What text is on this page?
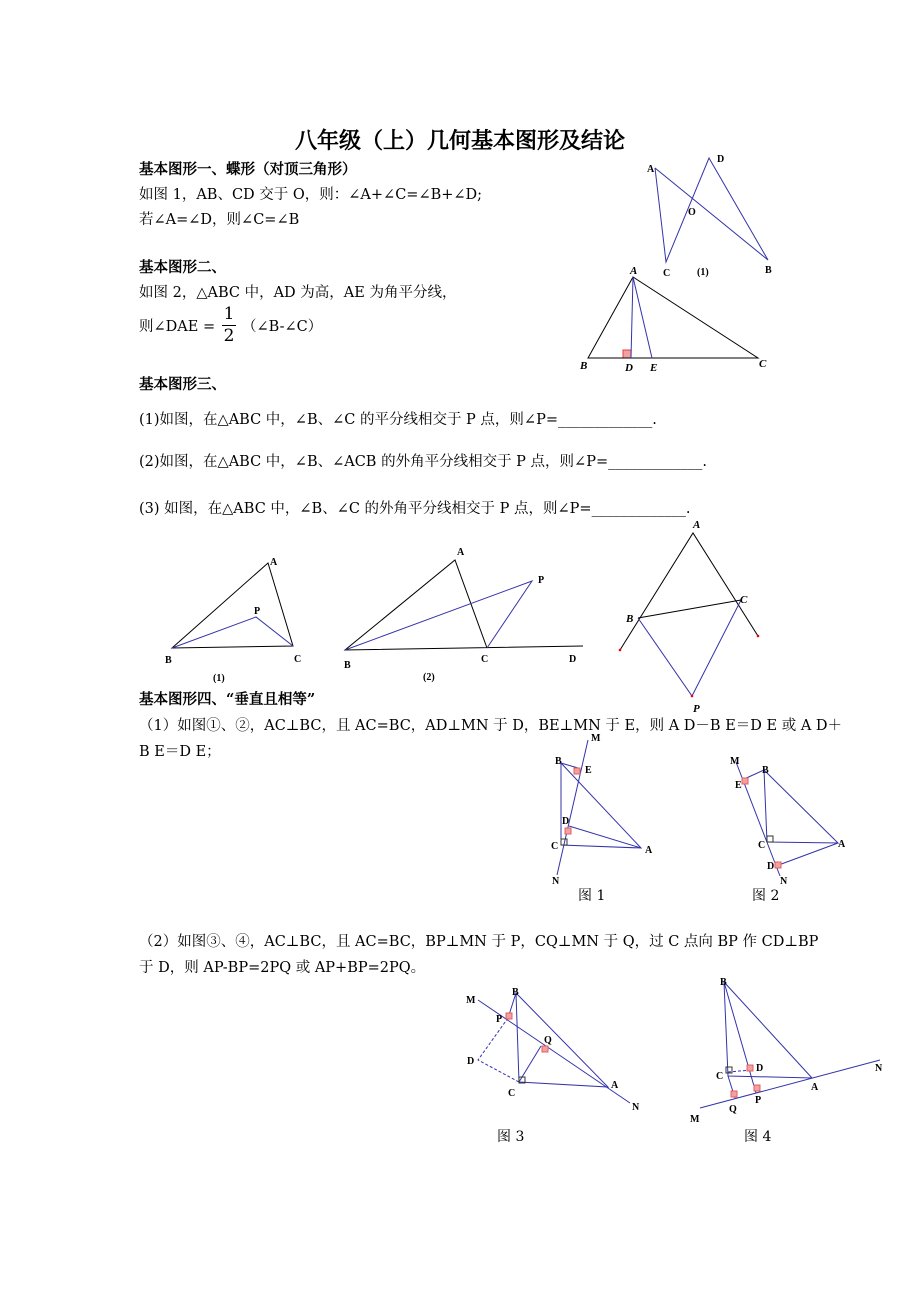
八年级（上）几何基本图形及结论
基本图形一、蝶形（对顶三角形）
如图 1，AB、CD 交于 O，则：∠A+∠C=∠B+∠D;
若∠A=∠D，则∠C=∠B
基本图形二、
如图 2，△ABC 中，AD 为高，AE 为角平分线，
则∠DAE =
1
2 （∠B-∠C）
基本图形三、
(1)如图，在△ABC 中，∠B、∠C 的平分线相交于 P 点，则∠P=_____________.
(2)如图，在△ABC 中，∠B、∠ACB 的外角平分线相交于 P 点，则∠P=_____________.
(3) 如图，在△ABC 中，∠B、∠C 的外角平分线相交于 P 点，则∠P=_____________.
基本图形四、“垂直且相等”
（1）如图①、②，AC⊥BC，且 AC=BC，AD⊥MN 于 D，BE⊥MN 于 E，则 A D－B E＝D E 或 A D＋
B E＝D E；
（2）如图③、④，AC⊥BC，且 AC=BC，BP⊥MN 于 P，CQ⊥MN 于 Q，过 C 点向 BP 作 CD⊥BP
于 D，则 AP-BP=2PQ 或 AP+BP=2PQ。
A
D
O
C	(1)	B
A
B	D E	C
A
P
B	C
(1)
A
P
B
C	D
(2)
A
B
C
P
M
B
E
D
C	A
N
图 1
M
B
E
C	A
D
N
图 2
M
B
P
Q
D
C
A
N
图 3
B
D
C
A
Q
P
M
N
图 4
